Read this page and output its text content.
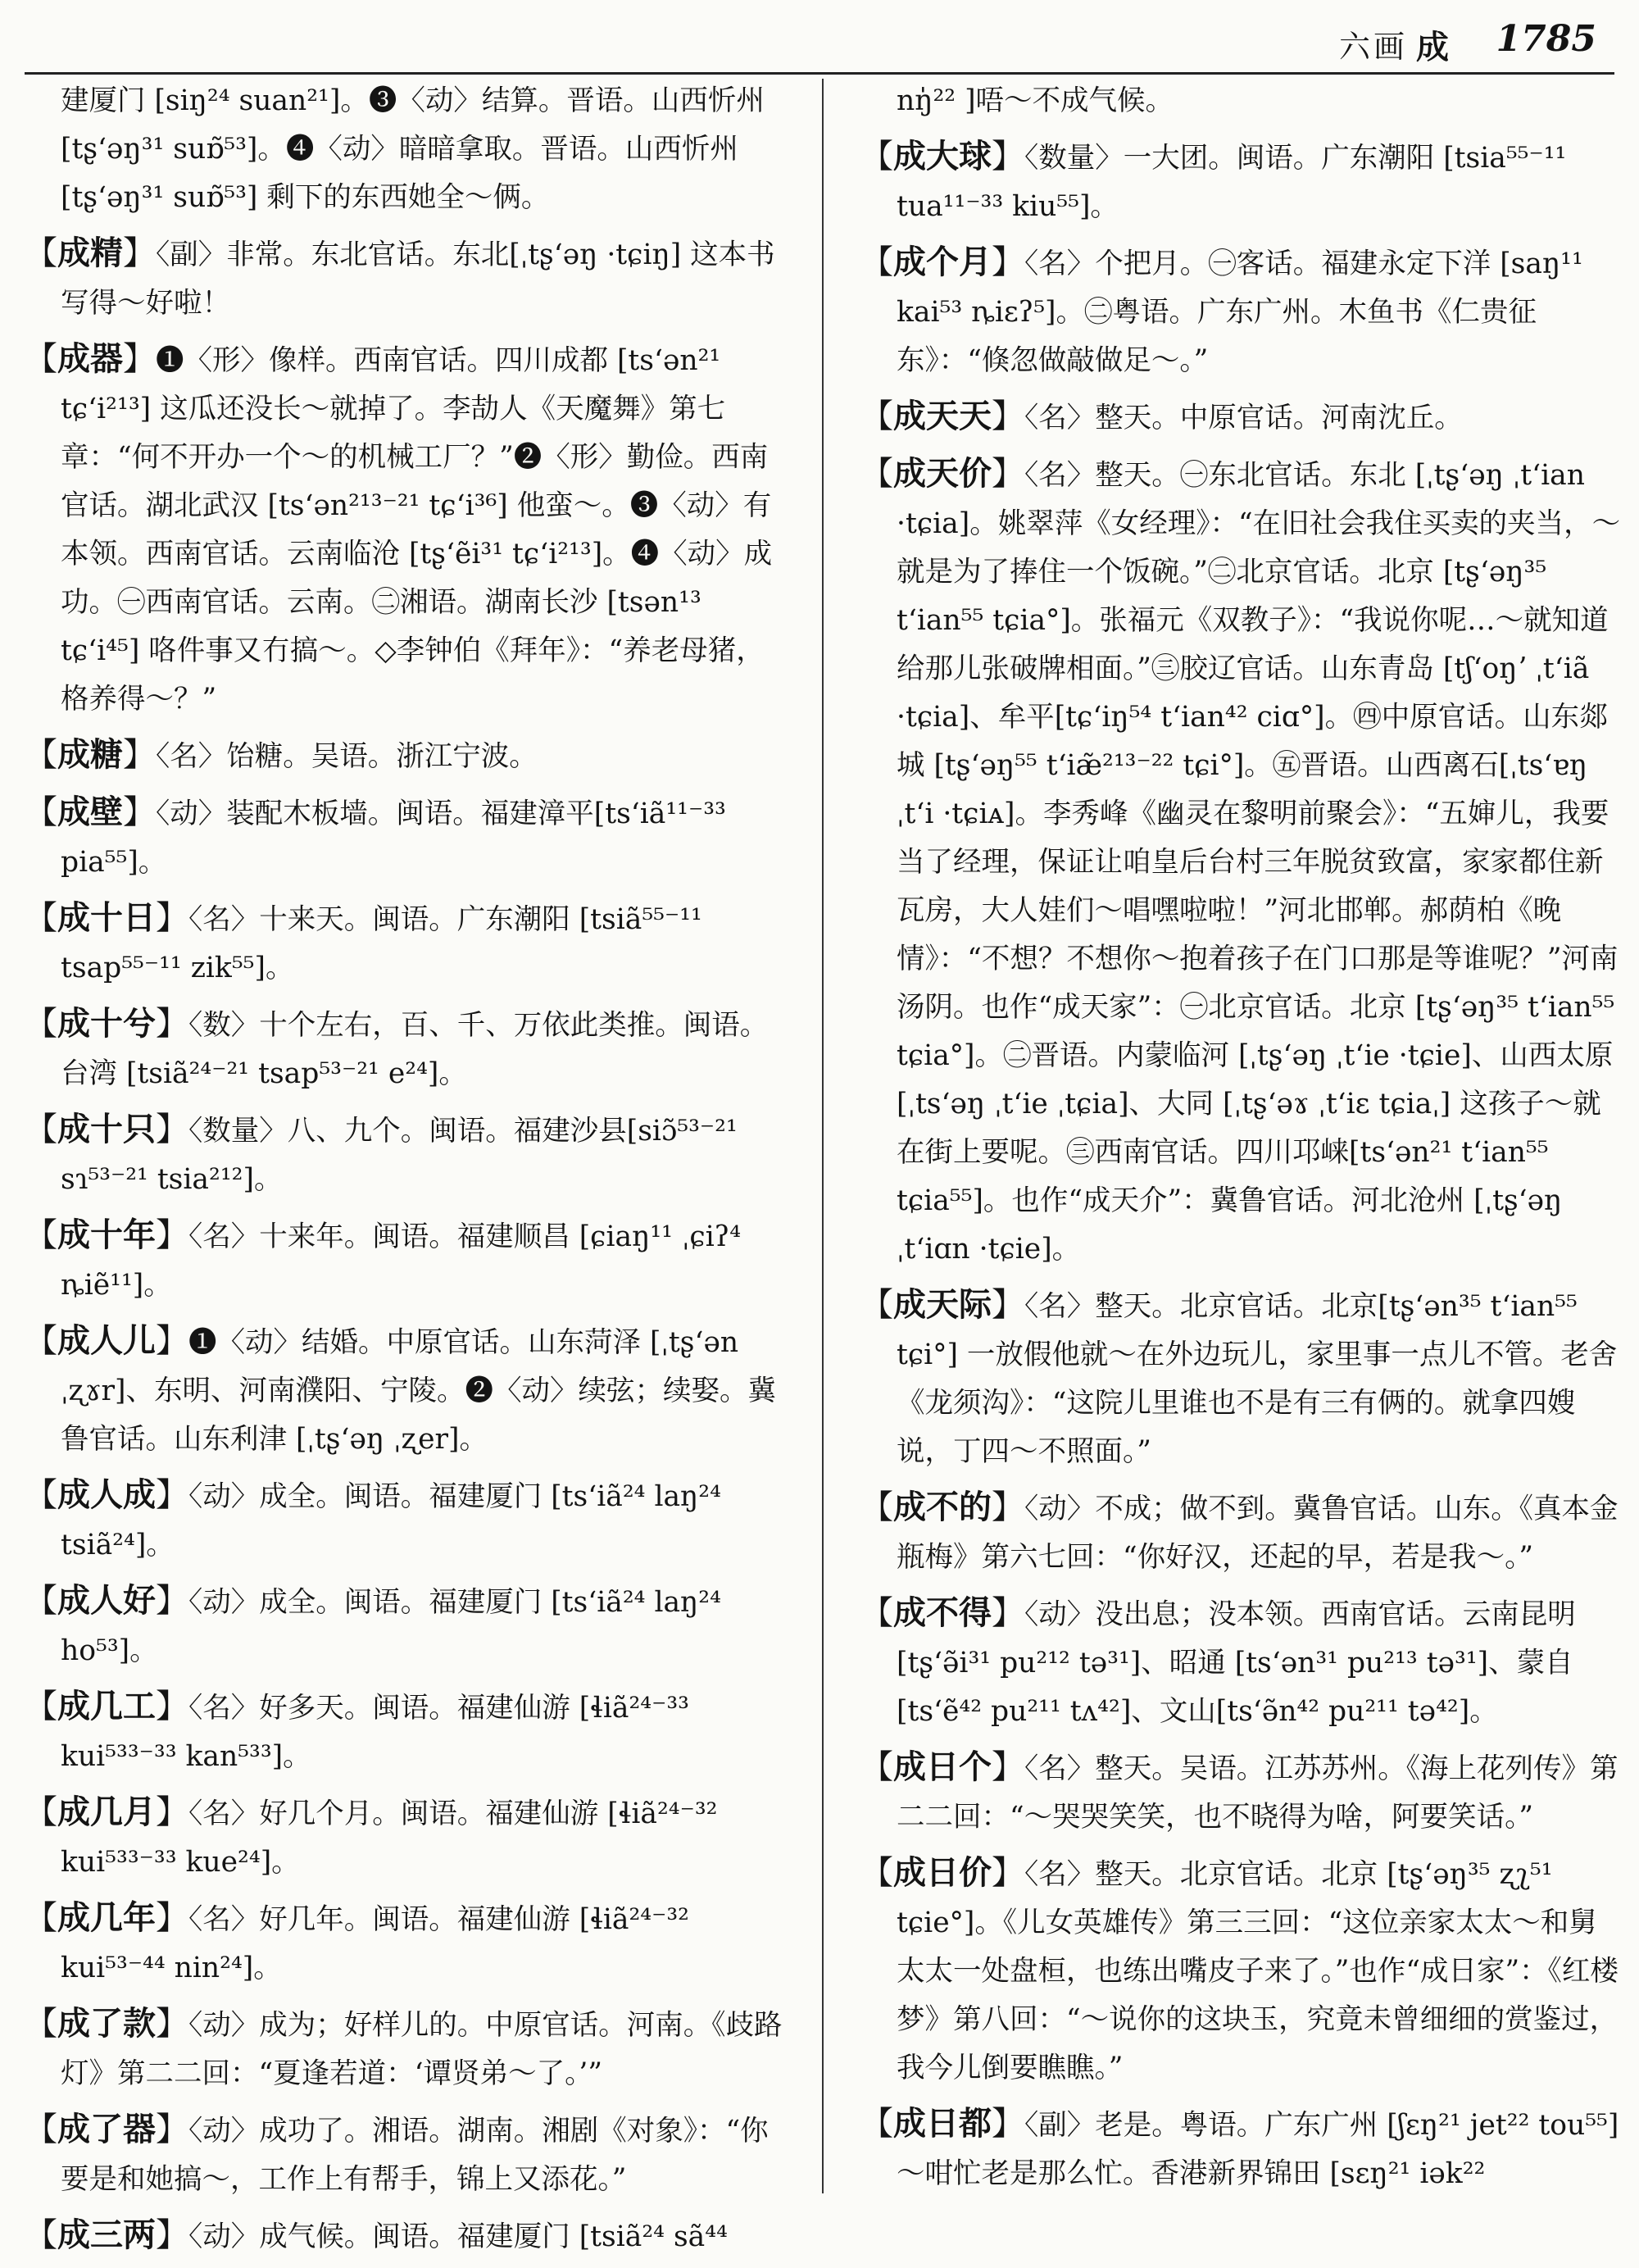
六画 成 1785

建厦门 [siŋ²⁴ suan²¹]。❸〈动〉结算。晋语。山西忻州 [tʂʻəŋ³¹ suɒ̃⁵³]。❹〈动〉暗暗拿取。晋语。山西忻州 [tʂʻəŋ³¹ suɒ̃⁵³] 剩下的东西她全～俩。

【成精】〈副〉非常。东北官话。东北[ˌtʂʻəŋ ·tɕiŋ] 这本书写得～好啦！

【成器】❶〈形〉像样。西南官话。四川成都 [tsʻən²¹ tɕʻi²¹³] 这瓜还没长～就掉了。李劼人《天魔舞》第七章：“何不开办一个～的机械工厂？”❷〈形〉勤俭。西南官话。湖北武汉 [tsʻən²¹³⁻²¹ tɕʻi³⁶] 他蛮～。❸〈动〉有本领。西南官话。云南临沧 [tʂʻẽi³¹ tɕʻi²¹³]。❹〈动〉成功。㊀西南官话。云南。㊁湘语。湖南长沙 [tsən¹³ tɕʻi⁴⁵] 咯件事又冇搞～。◇李钟伯《拜年》：“养老母猪，格养得～？”

【成糖】〈名〉饴糖。吴语。浙江宁波。

【成壁】〈动〉装配木板墙。闽语。福建漳平[tsʻiã¹¹⁻³³ pia⁵⁵]。

【成十日】〈名〉十来天。闽语。广东潮阳 [tsiã⁵⁵⁻¹¹ tsap⁵⁵⁻¹¹ zik⁵⁵]。

【成十兮】〈数〉十个左右，百、千、万依此类推。闽语。台湾 [tsiã²⁴⁻²¹ tsap⁵³⁻²¹ e²⁴]。

【成十只】〈数量〉八、九个。闽语。福建沙县[siɔ̃⁵³⁻²¹ sɿ⁵³⁻²¹ tsia²¹²]。

【成十年】〈名〉十来年。闽语。福建顺昌 [ɕiaŋ¹¹ ˌɕiʔ⁴ ȵiẽ¹¹]。

【成人儿】❶〈动〉结婚。中原官话。山东菏泽 [ˌtʂʻən ˌʐɤr]、东明、河南濮阳、宁陵。❷〈动〉续弦；续娶。冀鲁官话。山东利津 [ˌtʂʻəŋ ˌʐer]。

【成人成】〈动〉成全。闽语。福建厦门 [tsʻiã²⁴ laŋ²⁴ tsiã²⁴]。

【成人好】〈动〉成全。闽语。福建厦门 [tsʻiã²⁴ laŋ²⁴ ho⁵³]。

【成几工】〈名〉好多天。闽语。福建仙游 [ɬiã²⁴⁻³³ kui⁵³³⁻³³ kan⁵³³]。

【成几月】〈名〉好几个月。闽语。福建仙游 [ɬiã²⁴⁻³² kui⁵³³⁻³³ kue²⁴]。

【成几年】〈名〉好几年。闽语。福建仙游 [ɬiã²⁴⁻³² kui⁵³⁻⁴⁴ nin²⁴]。

【成了款】〈动〉成为；好样儿的。中原官话。河南。《歧路灯》第二二回：“夏逢若道：‘谭贤弟～了。’”

【成了器】〈动〉成功了。湘语。湖南。湘剧《对象》：“你要是和她搞～，工作上有帮手，锦上又添花。”

【成三两】〈动〉成气候。闽语。福建厦门 [tsiã²⁴ sã⁴⁴

nŋ̍²² ]唔～不成气候。

【成大球】〈数量〉一大团。闽语。广东潮阳 [tsia⁵⁵⁻¹¹ tua¹¹⁻³³ kiu⁵⁵]。

【成个月】〈名〉个把月。㊀客话。福建永定下洋 [saŋ¹¹ kai⁵³ ȵiɛʔ⁵]。㊁粤语。广东广州。木鱼书《仁贵征东》：“倏忽做敲做足～。”

【成天天】〈名〉整天。中原官话。河南沈丘。

【成天价】〈名〉整天。㊀东北官话。东北 [ˌtʂʻəŋ ˌtʻian ·tɕia]。姚翠萍《女经理》：“在旧社会我住买卖的夹当，～就是为了捧住一个饭碗。”㊁北京官话。北京 [tʂʻəŋ³⁵ tʻian⁵⁵ tɕia°]。张福元《双教子》：“我说你呢…～就知道给那儿张破牌相面。”㊂胶辽官话。山东青岛 [tʃʻoŋʼ ˌtʻiã ·tɕia]、牟平[tɕʻiŋ⁵⁴ tʻian⁴² ciɑ°]。㊃中原官话。山东郯城 [tʂʻəŋ⁵⁵ tʻiæ̃²¹³⁻²² tɕi°]。㊄晋语。山西离石[ˌtsʻɐŋ ˌtʻi ·tɕiᴀ]。李秀峰《幽灵在黎明前聚会》：“五婶儿，我要当了经理，保证让咱皇后台村三年脱贫致富，家家都住新瓦房，大人娃们～唱嘿啦啦！”河北邯郸。郝荫柏《晚情》：“不想？不想你～抱着孩子在门口那是等谁呢？”河南汤阴。也作“成天家”：㊀北京官话。北京 [tʂʻəŋ³⁵ tʻian⁵⁵ tɕia°]。㊁晋语。内蒙临河 [ˌtʂʻəŋ ˌtʻie ·tɕie]、山西太原 [ˌtsʻəŋ ˌtʻie ˌtɕia]、大同 [ˌtʂʻəɤ ˌtʻiɛ tɕiaˌ] 这孩子～就在街上要呢。㊂西南官话。四川邛崃[tsʻən²¹ tʻian⁵⁵ tɕia⁵⁵]。也作“成天介”：冀鲁官话。河北沧州 [ˌtʂʻəŋ ˌtʻiɑn ·tɕie]。

【成天际】〈名〉整天。北京官话。北京[tʂʻən³⁵ tʻian⁵⁵ tɕi°] 一放假他就～在外边玩儿，家里事一点儿不管。老舍《龙须沟》：“这院儿里谁也不是有三有俩的。就拿四嫂说，丁四～不照面。”

【成不的】〈动〉不成；做不到。冀鲁官话。山东。《真本金瓶梅》第六七回：“你好汉，还起的早，若是我～。”

【成不得】〈动〉没出息；没本领。西南官话。云南昆明[tʂʻə̃i³¹ pu²¹² tə³¹]、昭通 [tsʻən³¹ pu²¹³ tə³¹]、蒙自[tsʻẽ⁴² pu²¹¹ tʌ⁴²]、文山[tsʻə̃n⁴² pu²¹¹ tə⁴²]。

【成日个】〈名〉整天。吴语。江苏苏州。《海上花列传》第二二回：“～哭哭笑笑，也不晓得为啥，阿要笑话。”

【成日价】〈名〉整天。北京官话。北京 [tʂʻəŋ³⁵ ʐʅ⁵¹ tɕie°]。《儿女英雄传》第三三回：“这位亲家太太～和舅太太一处盘桓，也练出嘴皮子来了。”也作“成日家”：《红楼梦》第八回：“～说你的这块玉，究竟未曾细细的赏鉴过，我今儿倒要瞧瞧。”

【成日都】〈副〉老是。粤语。广东广州 [ʃɛŋ²¹ jet²² tou⁵⁵]～咁忙老是那么忙。香港新界锦田 [sɛŋ²¹ iək²²
